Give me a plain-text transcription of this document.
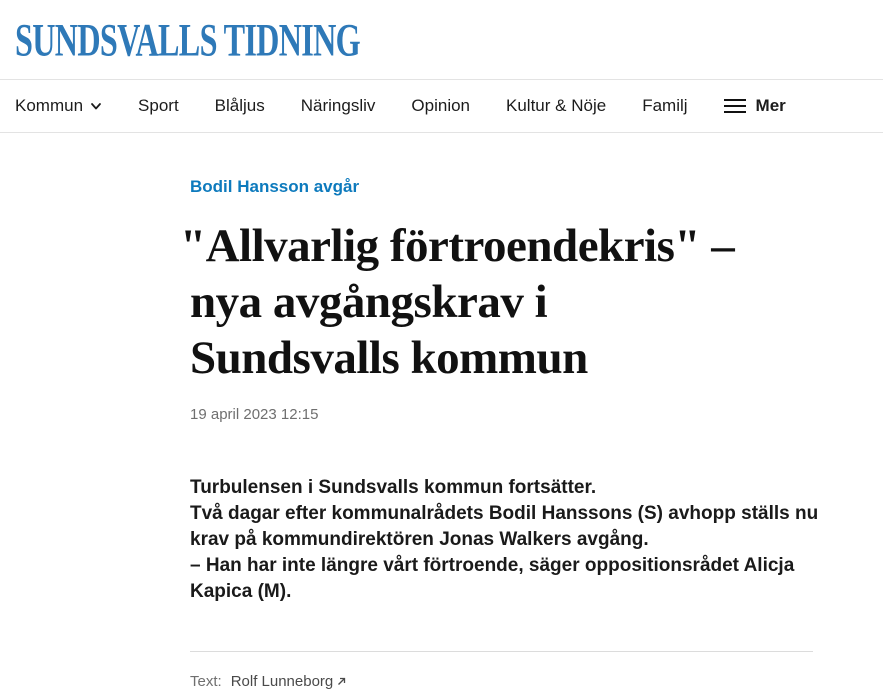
SUNDSVALLS TIDNING
Kommun	Sport Blåljus Näringsliv Opinion Kultur & Nöje Familj	Mer
Bodil Hansson avgår
"Allvarlig förtroendekris" –
nya avgångskrav i
Sundsvalls kommun
19 april 2023 12:15

Turbulensen i Sundsvalls kommun fortsätter.

Två dagar efter kommunalrådets Bodil Hanssons (S) avhopp ställs nu krav på kommundirektören Jonas Walkers avgång.

– Han har inte längre vårt förtroende, säger oppositionsrådet Alicja Kapica (M).

Text: Rolf Lunneborg
